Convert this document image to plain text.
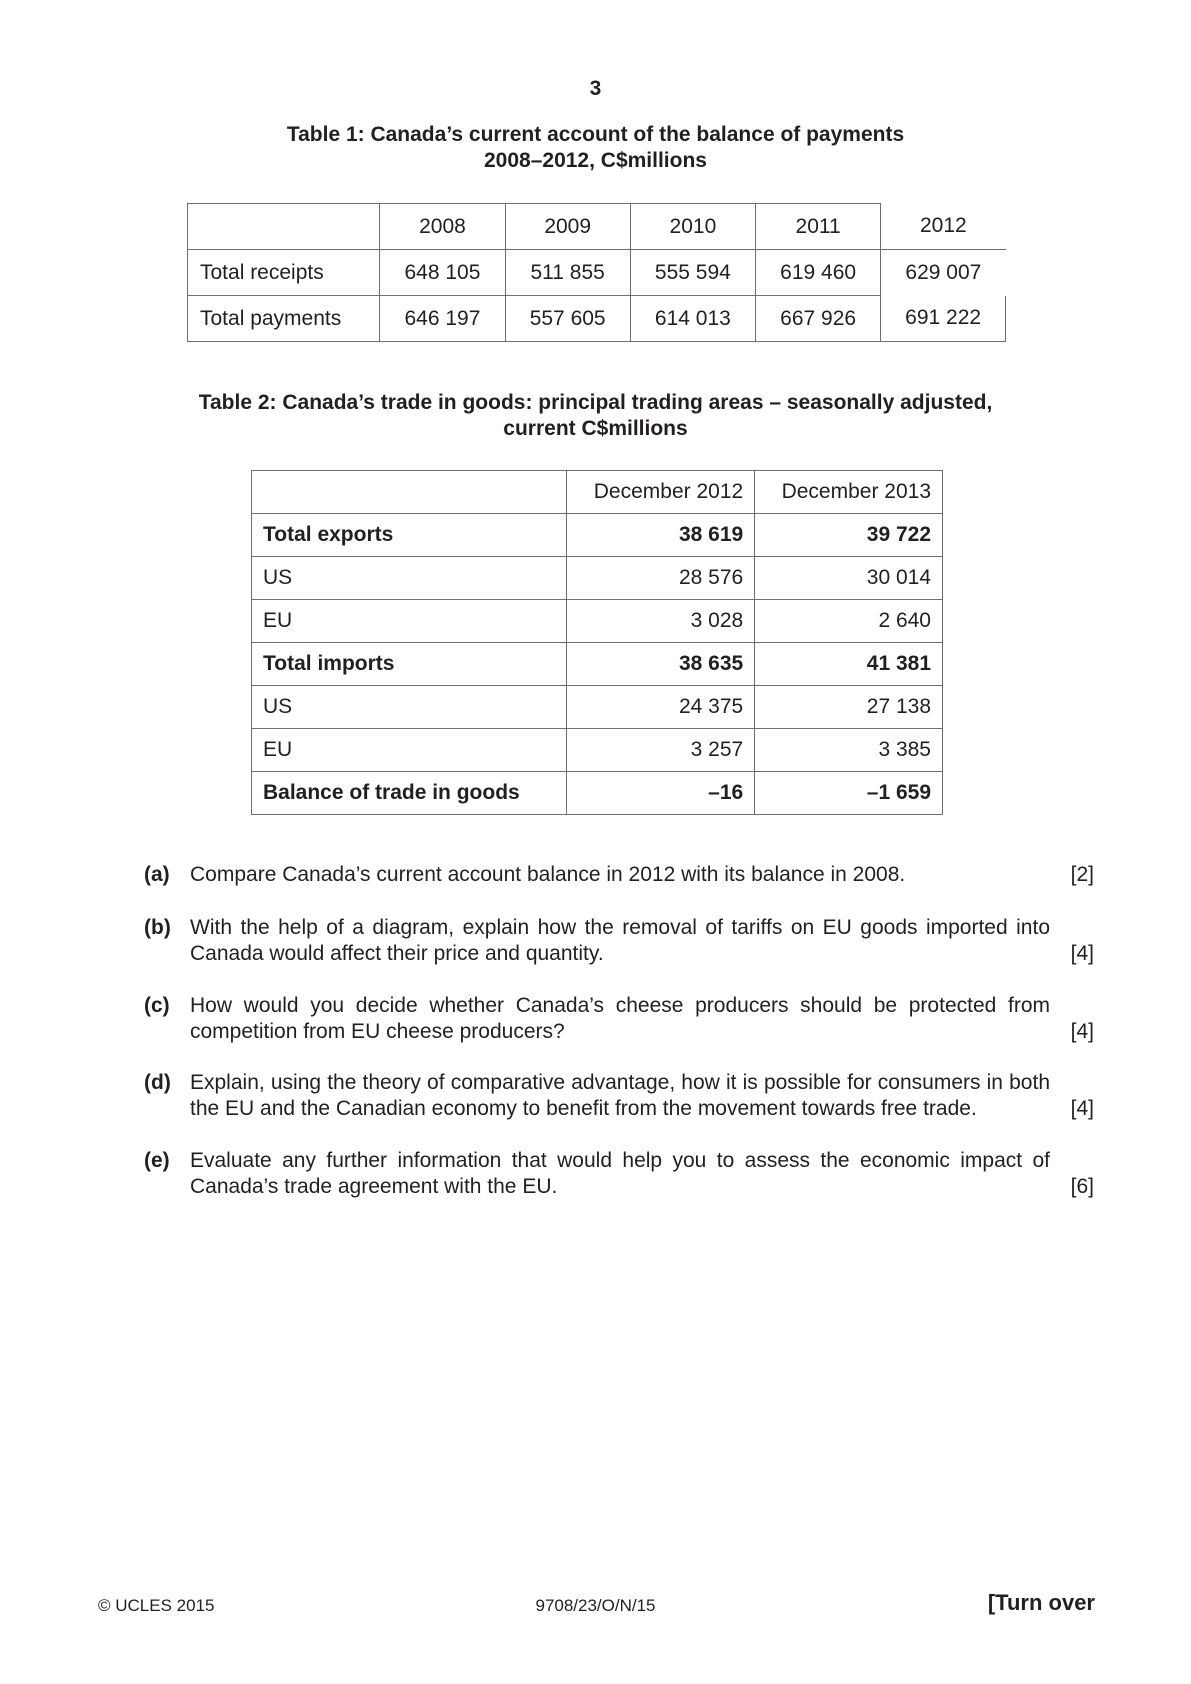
3
Table 1: Canada’s current account of the balance of payments
2008–2012, C$millions
	2008	2009	2010	2011	2012
Total receipts	648 105	511 855	555 594	619 460	629 007
Total payments	646 197	557 605	614 013	667 926	691 222
Table 2: Canada’s trade in goods: principal trading areas – seasonally adjusted,
current C$millions
	December 2012	December 2013
Total exports	38 619	39 722
US	28 576	30 014
EU	3 028	2 640
Total imports	38 635	41 381
US	24 375	27 138
EU	3 257	3 385
Balance of trade in goods	–16	–1 659
(a) Compare Canada’s current account balance in 2012 with its balance in 2008.	[2]
(b) With the help of a diagram, explain how the removal of tariffs on EU goods imported into Canada would affect their price and quantity.	[4]
(c) How would you decide whether Canada’s cheese producers should be protected from competition from EU cheese producers?	[4]
(d) Explain, using the theory of comparative advantage, how it is possible for consumers in both the EU and the Canadian economy to benefit from the movement towards free trade.	[4]
(e) Evaluate any further information that would help you to assess the economic impact of Canada’s trade agreement with the EU.	[6]
© UCLES 2015	9708/23/O/N/15	[Turn over
